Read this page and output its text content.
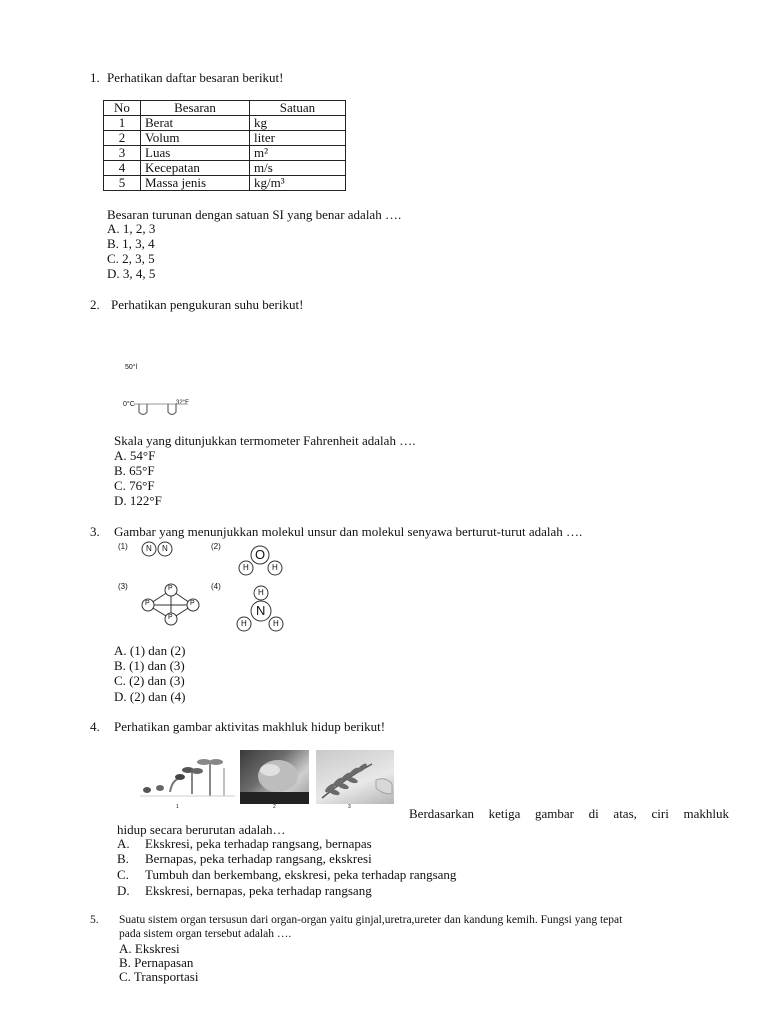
1. Perhatikan daftar besaran berikut!
No	Besaran	Satuan
1	Berat	kg
2	Volum	liter
3	Luas	m²
4	Kecepatan	m/s
5	Massa jenis	kg/m³
Besaran turunan dengan satuan SI yang benar adalah ….
A. 1, 2, 3
B. 1, 3, 4
C. 2, 3, 5
D. 3, 4, 5
2. Perhatikan pengukuran suhu berikut!
50°l
0°C	32°F
Skala yang ditunjukkan termometer Fahrenheit adalah ….
A. 54°F
B. 65°F
C. 76°F
D. 122°F
3. Gambar yang menunjukkan molekul unsur dan molekul senyawa berturut-turut adalah ….
(1)	(2)
(3)	(4)
N N	O
H	H
P
P	P
P
H
N
H	H
A. (1) dan (2)
B. (1) dan (3)
C. (2) dan (3)
D. (2) dan (4)
4. Perhatikan gambar aktivitas makhluk hidup berikut!
1	2	3	Berdasarkan ketiga gambar di atas, ciri makhluk
hidup secara berurutan adalah…
A. Ekskresi, peka terhadap rangsang, bernapas
B. Bernapas, peka terhadap rangsang, ekskresi
C. Tumbuh dan berkembang, ekskresi, peka terhadap rangsang
D. Ekskresi, bernapas, peka terhadap rangsang
5. Suatu sistem organ tersusun dari organ-organ yaitu ginjal,uretra,ureter dan kandung kemih. Fungsi yang tepat
pada sistem organ tersebut adalah ….
A. Ekskresi
B. Pernapasan
C. Transportasi
